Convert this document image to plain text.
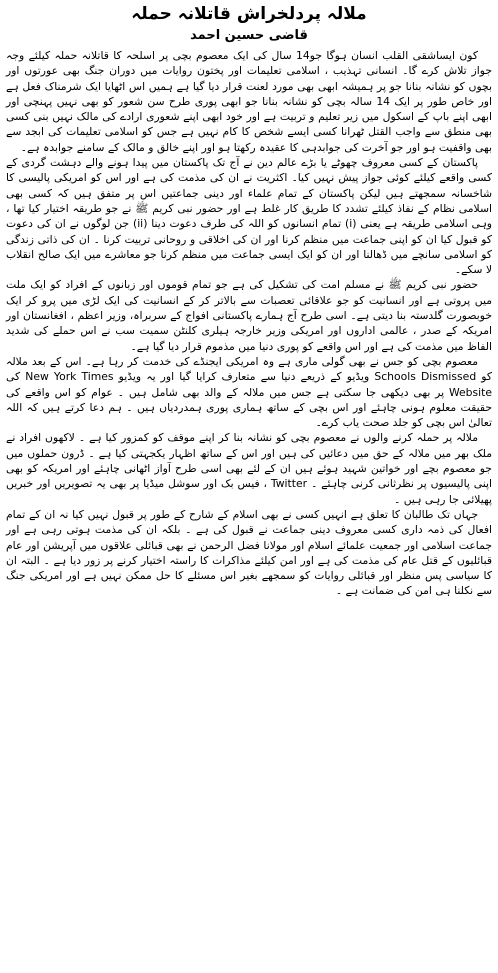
ملالہ پردلخراش قاتلانہ حملہ
قاضی حسین احمد

کون ایساشقی القلب انسان ہوگا جو14 سال کی ایک معصوم بچی پر اسلحہ کا قاتلانہ حملہ کیلئے وجہ جواز تلاش کرے گا۔ انسانی تہذیب ، اسلامی تعلیمات اور پختون روایات میں دوران جنگ بھی عورتوں اور بچوں کو نشانہ بنانا جو پر ہمیشہ ابھی بھی مورد لعنت قرار دیا گیا ہے ہمیں اس اٹھایا ایک شرمناک فعل ہے اور خاص طور پر ایک 14 سالہ بچی کو نشانہ بنانا جو ابھی پوری طرح سن شعور کو بھی نہیں پہنچی اور ابھی اپنے باپ کے اسکول میں زیر تعلیم و تربیت ہے اور خود ابھی اپنے شعوری ارادے کی مالک نہیں بنی کسی بھی منطق سے واجب القتل ٹھرانا کسی ایسے شخص کا کام نہیں ہے جس کو اسلامی تعلیمات کی ابجد سے بھی واقفیت ہو اور جو آخرت کی جوابدہی کا عقیدہ رکھتا ہو اور اپنے خالق و مالک کے سامنے جوابدہ ہے۔

پاکستان کے کسی معروف چھوٹے یا بڑے عالم دین نے آج تک پاکستان میں پیدا ہونے والے دہشت گردی کے کسی واقعے کیلئے کوئی جواز پیش نہیں کیا۔ اکثریت نے ان کی مذمت کی ہے اور اس کو امریکی پالیسی کا شاخسانہ سمجھتے ہیں لیکن پاکستان کے تمام علماء اور دینی جماعتیں اس پر متفق ہیں کہ کسی بھی اسلامی نظام کے نفاذ کیلئے تشدد کا طریق کار غلط ہے اور حضور نبی کریم ﷺ نے جو طریقہ اختیار کیا تھا ، وہی اسلامی طریقہ ہے یعنی (i) تمام انسانوں کو اللہ کی طرف دعوت دینا (ii) جن لوگوں نے ان کی دعوت کو قبول کیا ان کو اپنی جماعت میں منظم کرنا اور ان کی اخلاقی و روحانی تربیت کرنا ۔ ان کی ذاتی زندگی کو اسلامی سانچے میں ڈھالنا اور ان کو ایک ایسی جماعت میں منظم کرنا جو معاشرے میں ایک صالح انقلاب لا سکے۔

حضور نبی کریم ﷺ نے مسلم امت کی تشکیل کی ہے جو تمام قوموں اور زبانوں کے افراد کو ایک ملت میں پروتی ہے اور انسانیت کو جو علاقائی تعصبات سے بالاتر کر کے انسانیت کی ایک لڑی میں پرو کر ایک خوبصورت گلدستہ بنا دیتی ہے۔ اسی طرح آج ہمارے پاکستانی افواج کے سربراہ، وزیر اعظم ، افغانستان اور امریکہ کے صدر ، عالمی اداروں اور امریکی وزیر خارجہ ہیلری کلنٹن سمیت سب نے اس حملے کی شدید الفاظ میں مذمت کی ہے اور اس واقعے کو پوری دنیا میں مذموم قرار دیا گیا ہے۔

معصوم بچی کو جس نے بھی گولی ماری ہے وہ امریکی ایجنڈے کی خدمت کر رہا ہے۔ اس کے بعد ملالہ کو Schools Dismissed ویڈیو کے ذریعے دنیا سے متعارف کرایا گیا اور یہ ویڈیو New York Times کی Website پر بھی دیکھی جا سکتی ہے جس میں ملالہ کے والد بھی شامل ہیں ۔ عوام کو اس واقعے کی حقیقت معلوم ہونی چاہئے اور اس بچی کے ساتھ ہماری پوری ہمدردیاں ہیں ۔ ہم دعا کرتے ہیں کہ اللہ تعالیٰ اس بچی کو جلد صحت یاب کرے۔

ملالہ پر حملہ کرنے والوں نے معصوم بچی کو نشانہ بنا کر اپنے موقف کو کمزور کیا ہے ۔ لاکھوں افراد نے ملک بھر میں ملالہ کے حق میں دعائیں کی ہیں اور اس کے ساتھ اظہار یکجہتی کیا ہے ۔ ڈرون حملوں میں جو معصوم بچے اور خواتین شہید ہوئے ہیں ان کے لئے بھی اسی طرح آواز اٹھانی چاہئے اور امریکہ کو بھی اپنی پالیسیوں پر نظرثانی کرنی چاہئے ۔ Twitter ، فیس بک اور سوشل میڈیا پر بھی یہ تصویریں اور خبریں پھیلائی جا رہی ہیں ۔

جہاں تک طالبان کا تعلق ہے انہیں کسی نے بھی اسلام کے شارح کے طور پر قبول نہیں کیا نہ ان کے تمام افعال کی ذمہ داری کسی معروف دینی جماعت نے قبول کی ہے ۔ بلکہ ان کی مذمت ہوتی رہی ہے اور جماعت اسلامی اور جمعیت علمائے اسلام اور مولانا فضل الرحمن نے بھی قبائلی علاقوں میں آپریشن اور عام قبائلیوں کے قتل عام کی مذمت کی ہے اور امن کیلئے مذاکرات کا راستہ اختیار کرنے پر زور دیا ہے ۔ البتہ ان کا سیاسی پس منظر اور قبائلی روایات کو سمجھے بغیر اس مسئلے کا حل ممکن نہیں ہے اور امریکی جنگ سے نکلنا ہی امن کی ضمانت ہے ۔
